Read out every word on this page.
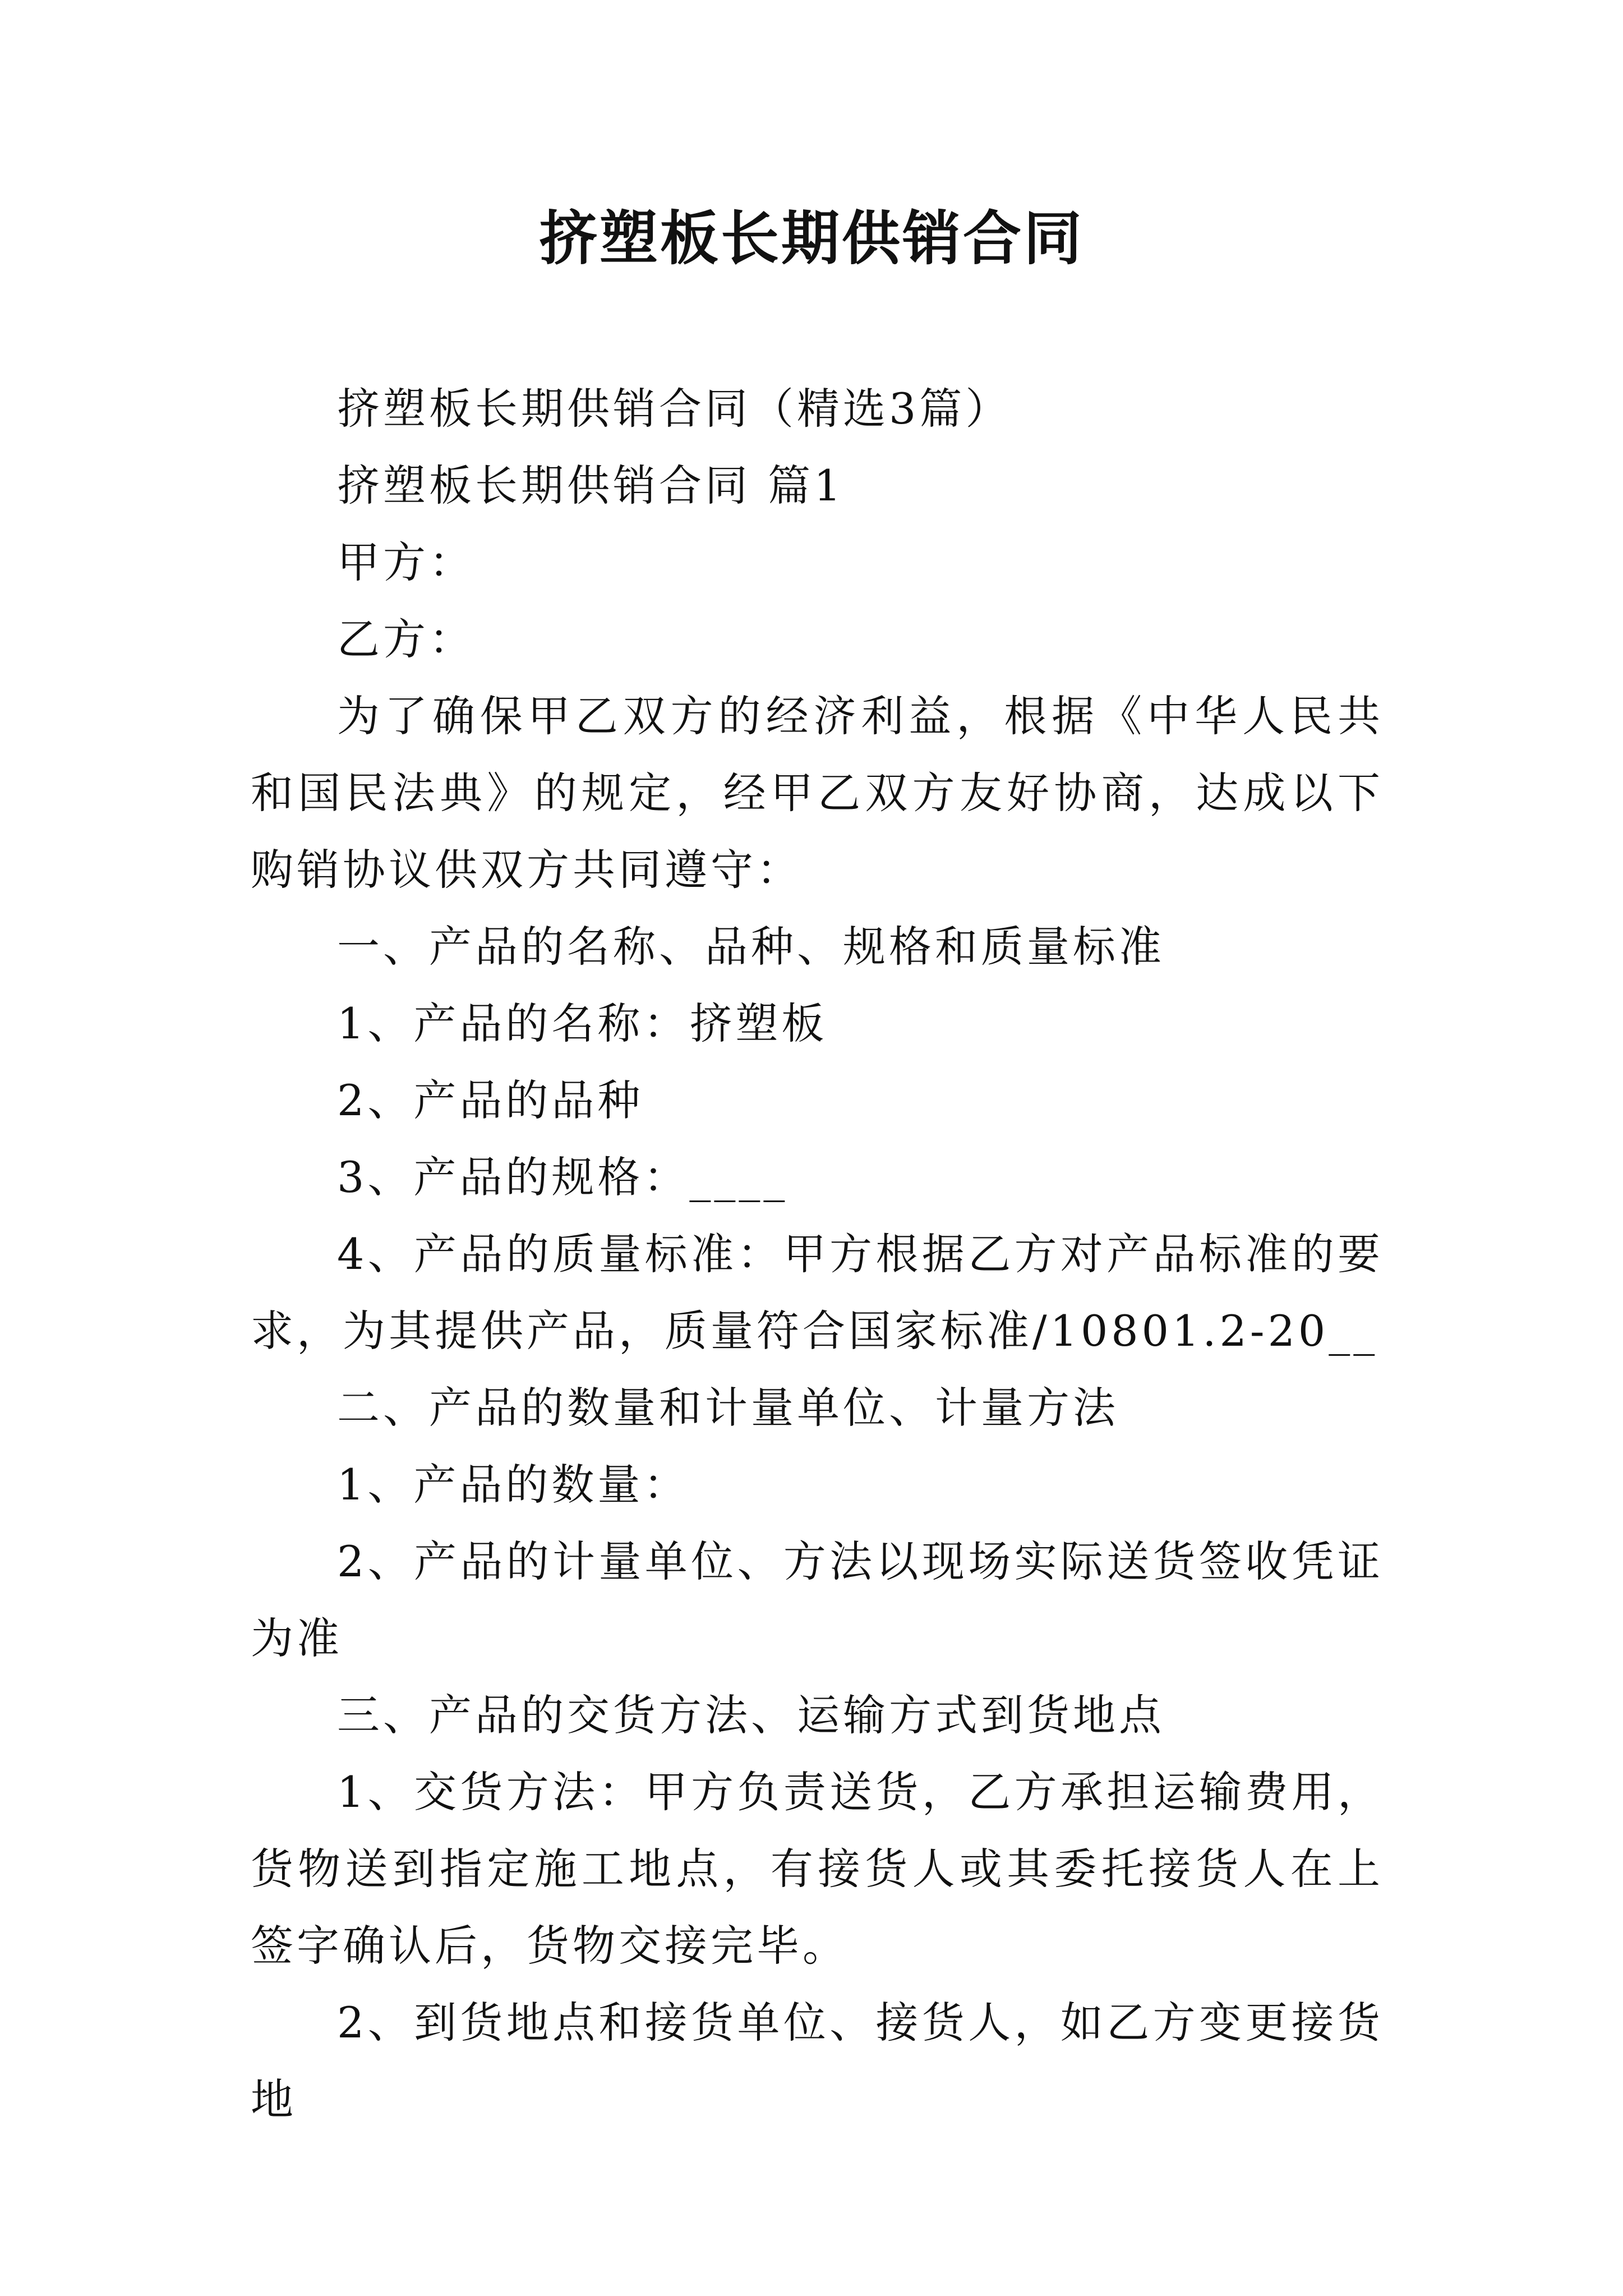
挤塑板长期供销合同

挤塑板长期供销合同（精选3篇）

挤塑板长期供销合同 篇1

甲方：

乙方：

为了确保甲乙双方的经济利益，根据《中华人民共和国民法典》的规定，经甲乙双方友好协商，达成以下购销协议供双方共同遵守：

一、产品的名称、品种、规格和质量标准

1、产品的名称：挤塑板

2、产品的品种

3、产品的规格：____

4、产品的质量标准：甲方根据乙方对产品标准的要求，为其提供产品，质量符合国家标准/10801.2-20__

二、产品的数量和计量单位、计量方法

1、产品的数量：

2、产品的计量单位、方法以现场实际送货签收凭证为准

三、产品的交货方法、运输方式到货地点

1、交货方法：甲方负责送货，乙方承担运输费用，货物送到指定施工地点，有接货人或其委托接货人在上签字确认后，货物交接完毕。

2、到货地点和接货单位、接货人，如乙方变更接货地
